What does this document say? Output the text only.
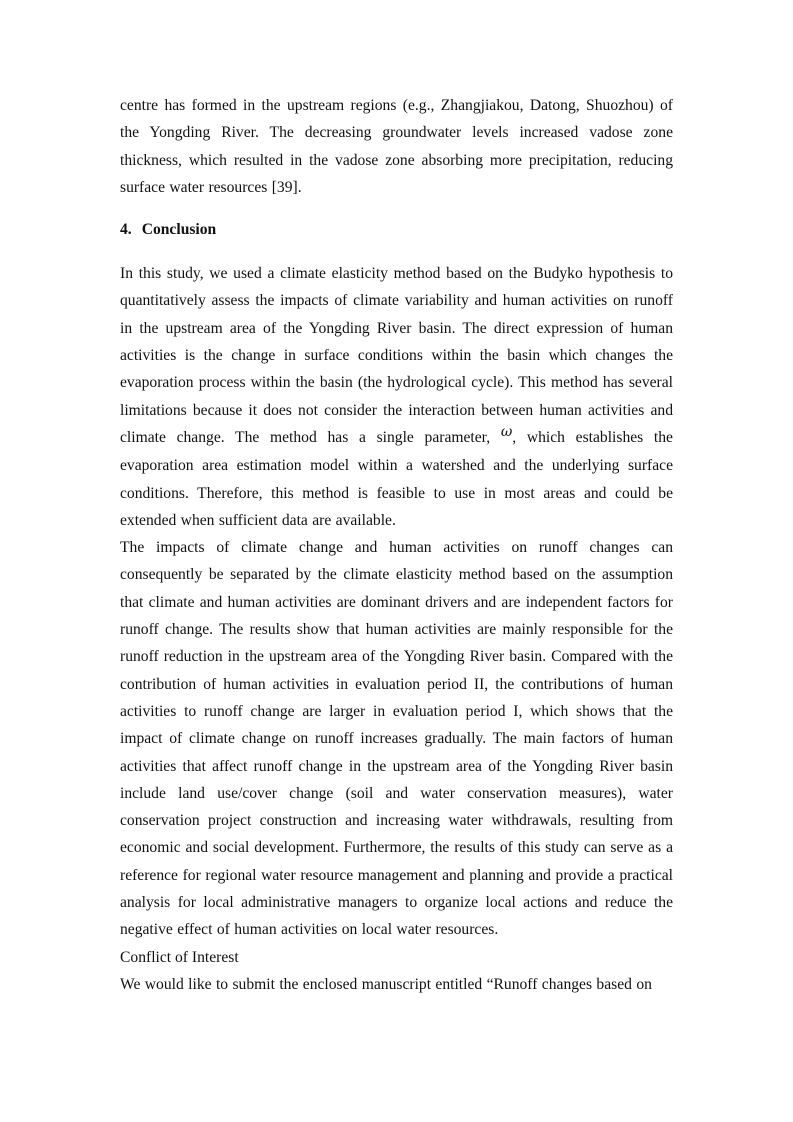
centre has formed in the upstream regions (e.g., Zhangjiakou, Datong, Shuozhou) of the Yongding River. The decreasing groundwater levels increased vadose zone thickness, which resulted in the vadose zone absorbing more precipitation, reducing surface water resources [39].

4. Conclusion

In this study, we used a climate elasticity method based on the Budyko hypothesis to quantitatively assess the impacts of climate variability and human activities on runoff in the upstream area of the Yongding River basin. The direct expression of human activities is the change in surface conditions within the basin which changes the evaporation process within the basin (the hydrological cycle). This method has several limitations because it does not consider the interaction between human activities and climate change. The method has a single parameter, ω, which establishes the evaporation area estimation model within a watershed and the underlying surface conditions. Therefore, this method is feasible to use in most areas and could be extended when sufficient data are available.

The impacts of climate change and human activities on runoff changes can consequently be separated by the climate elasticity method based on the assumption that climate and human activities are dominant drivers and are independent factors for runoff change. The results show that human activities are mainly responsible for the runoff reduction in the upstream area of the Yongding River basin. Compared with the contribution of human activities in evaluation period II, the contributions of human activities to runoff change are larger in evaluation period I, which shows that the impact of climate change on runoff increases gradually. The main factors of human activities that affect runoff change in the upstream area of the Yongding River basin include land use/cover change (soil and water conservation measures), water conservation project construction and increasing water withdrawals, resulting from economic and social development. Furthermore, the results of this study can serve as a reference for regional water resource management and planning and provide a practical analysis for local administrative managers to organize local actions and reduce the negative effect of human activities on local water resources.

Conflict of Interest

We would like to submit the enclosed manuscript entitled “Runoff changes based on
